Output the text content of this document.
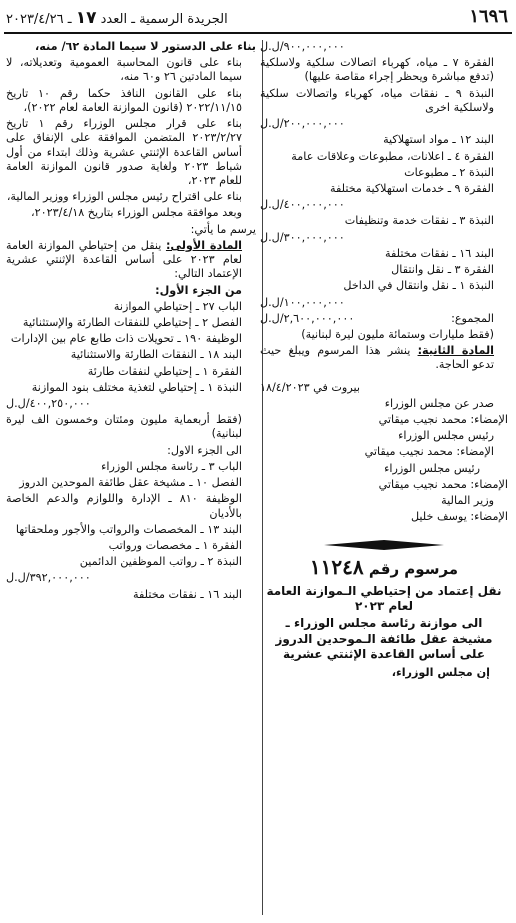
١٦٩٦
الجريدة الرسمية ـ العدد ١٧ ـ ٢٠٢٣/٤/٢٦

٩٠٠,٠٠٠,٠٠٠/ل.ل

الفقرة ٧ ـ مياه، كهرباء اتصالات سلكية ولاسلكية (تدفع مباشرة ويحظر إجراء مقاصة عليها)

النبذة ٩ ـ نفقات مياه، كهرباء واتصالات سلكية ولاسلكية اخرى

٢٠٠,٠٠٠,٠٠٠/ل.ل

البند ١٢ ـ مواد استهلاكية

الفقرة ٤ ـ اعلانات، مطبوعات وعلاقات عامة

النبذة ٢ ـ مطبوعات

الفقرة ٩ ـ خدمات استهلاكية مختلفة

٤٠٠,٠٠٠,٠٠٠/ل.ل

النبذة ٣ ـ نفقات خدمة وتنظيفات

٣٠٠,٠٠٠,٠٠٠/ل.ل

البند ١٦ ـ نفقات مختلفة

الفقرة ٣ ـ نقل وانتقال

النبذة ١ ـ نقل وانتقال في الداخل

١٠٠,٠٠٠,٠٠٠/ل.ل

المجموع:
٢,٦٠٠,٠٠٠,٠٠٠/ل.ل

(فقط مليارات وستمائة مليون ليرة لبنانية)

المادة الثانية: ينشر هذا المرسوم ويبلغ حيث تدعو الحاجة.

بيروت في ١٨/٤/٢٠٢٣

صدر عن مجلس الوزراء

الإمضاء: محمد نجيب ميقاتي

رئيس مجلس الوزراء

الإمضاء: محمد نجيب ميقاتي

رئيس مجلس الوزراء

الإمضاء: محمد نجيب ميقاتي

وزير المالية

الإمضاء: يوسف خليل

مرسوم رقم ١١٢٤٨
نقل إعتماد من إحتياطي الـموازنة العامة لعام ٢٠٢٣
الى موازنة رئاسة مجلس الوزراء ـ مشيخة عقل طائفة الـموحدين الدروز على أساس القاعدة الإثنتي عشرية

إن مجلس الوزراء،

بناء على الدستور لا سيما المادة ٦٢/ منه،

بناء على قانون المحاسبة العمومية وتعديلاته، لا سيما المادتين ٢٦ و٦٠ منه،

بناء على القانون النافذ حكما رقم ١٠ تاريخ ٢٠٢٢/١١/١٥ (قانون الموازنة العامة لعام ٢٠٢٢)،

بناء على قرار مجلس الوزراء رقم ١ تاريخ ٢٠٢٣/٢/٢٧ المتضمن الموافقة على الإنفاق على أساس القاعدة الإثنتي عشرية وذلك ابتداء من أول شباط ٢٠٢٣ ولغاية صدور قانون الموازنة العامة للعام ٢٠٢٣،

بناء على اقتراح رئيس مجلس الوزراء ووزير المالية،

وبعد موافقة مجلس الوزراء بتاريخ ٢٠٢٣/٤/١٨،

يرسم ما يأتي:

المادة الأولى: ينقل من إحتياطي الموازنة العامة لعام ٢٠٢٣ على أساس القاعدة الإثنتي عشرية الإعتماد التالي:

من الجزء الأول:

الباب ٢٧ ـ إحتياطي الموازنة

الفصل ٢ ـ إحتياطي للنفقات الطارئة والإستثنائية

الوظيفة ١٩٠ ـ تحويلات ذات طابع عام بين الإدارات

البند ١٨ ـ النفقات الطارئة والاستثنائية

الفقرة ١ ـ إحتياطي لنفقات طارئة

النبذة ١ ـ إحتياطي لتغذية مختلف بنود الموازنة

٤٠٠,٢٥٠,٠٠٠/ل.ل

(فقط أربعماية مليون ومئتان وخمسون الف ليرة لبنانية)

الى الجزء الاول:

الباب ٣ ـ رئاسة مجلس الوزراء

الفصل ١٠ ـ مشيخة عقل طائفة الموحدين الدروز

الوظيفة ٨١٠ ـ الإدارة واللوازم والدعم الخاصة بالأديان

البند ١٣ ـ المخصصات والرواتب والأجور وملحقاتها

الفقرة ١ ـ مخصصات ورواتب

النبذة ٢ ـ رواتب الموظفين الدائمين

٣٩٢,٠٠٠,٠٠٠/ل.ل

البند ١٦ ـ نفقات مختلفة
